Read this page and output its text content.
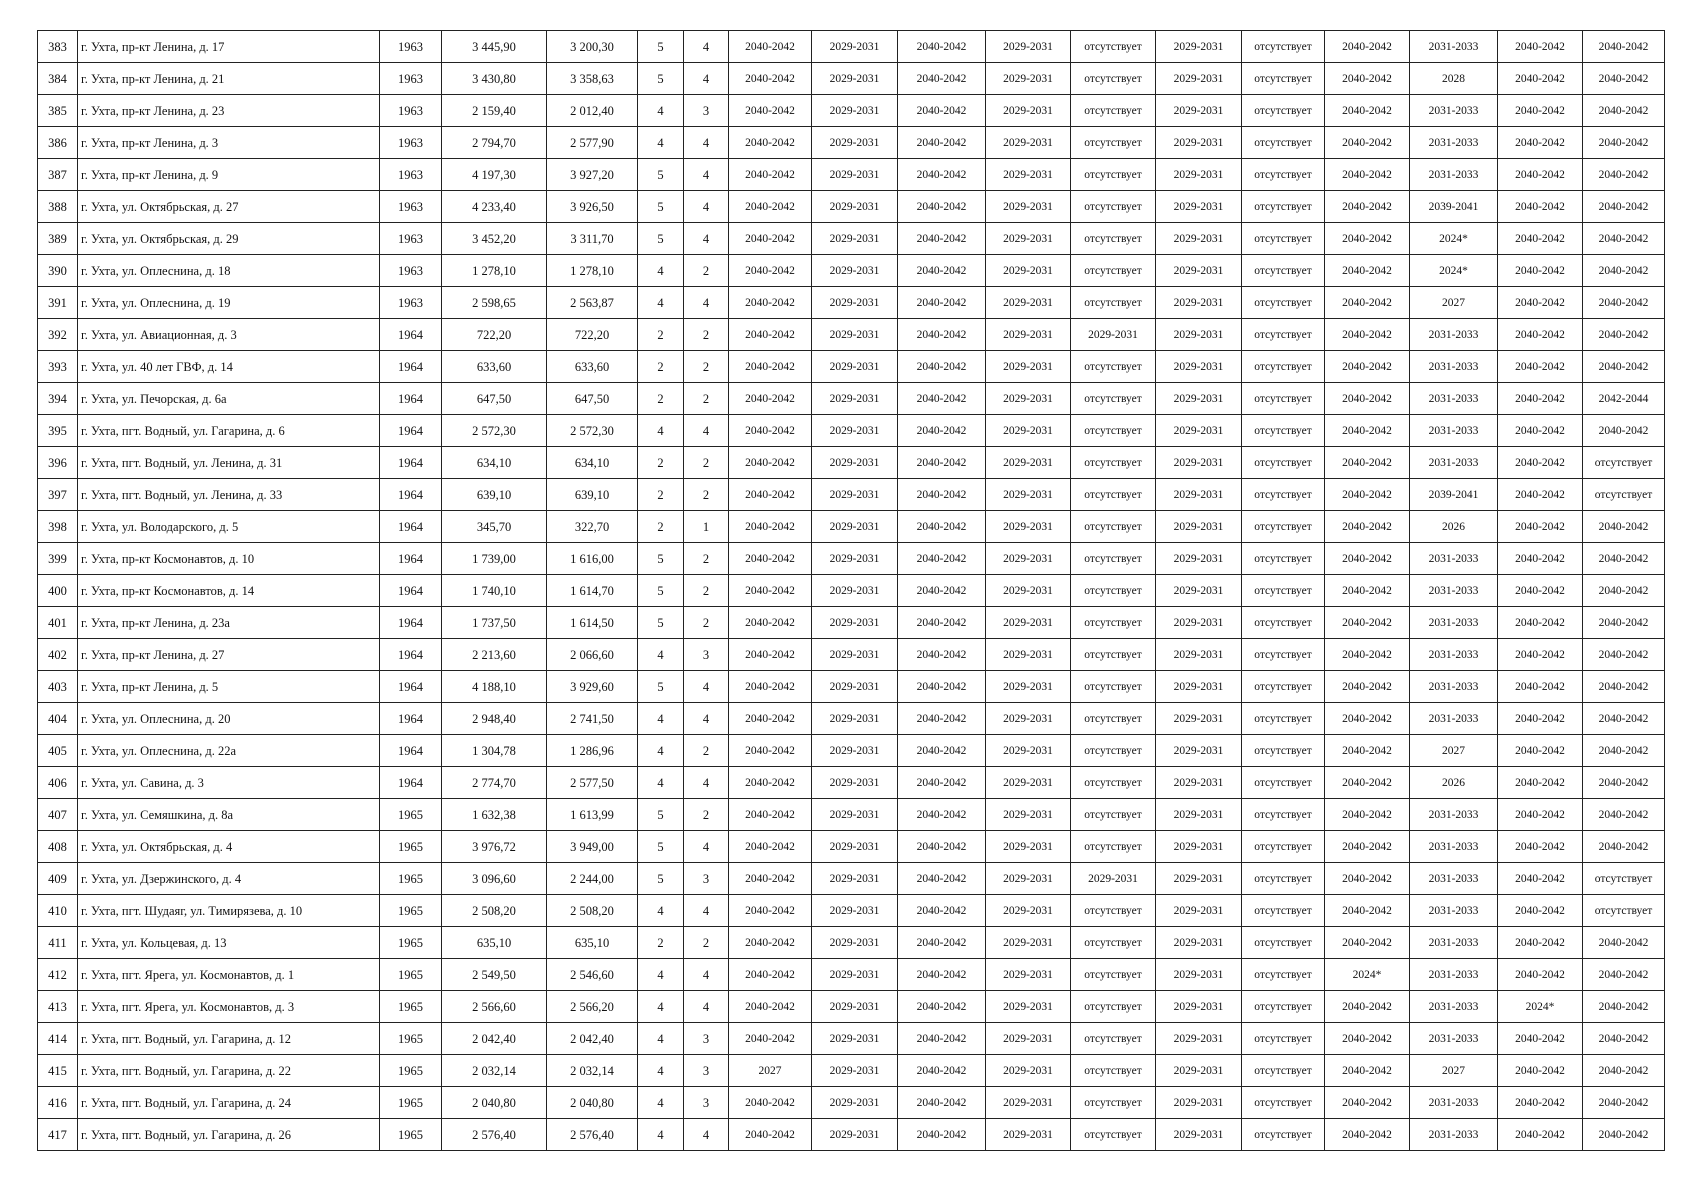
383	г. Ухта, пр-кт Ленина, д. 17	1963	3 445,90	3 200,30	5	4	2040-2042	2029-2031	2040-2042	2029-2031	отсутствует	2029-2031	отсутствует	2040-2042	2031-2033	2040-2042	2040-2042
384	г. Ухта, пр-кт Ленина, д. 21	1963	3 430,80	3 358,63	5	4	2040-2042	2029-2031	2040-2042	2029-2031	отсутствует	2029-2031	отсутствует	2040-2042	2028	2040-2042	2040-2042
385	г. Ухта, пр-кт Ленина, д. 23	1963	2 159,40	2 012,40	4	3	2040-2042	2029-2031	2040-2042	2029-2031	отсутствует	2029-2031	отсутствует	2040-2042	2031-2033	2040-2042	2040-2042
386	г. Ухта, пр-кт Ленина, д. 3	1963	2 794,70	2 577,90	4	4	2040-2042	2029-2031	2040-2042	2029-2031	отсутствует	2029-2031	отсутствует	2040-2042	2031-2033	2040-2042	2040-2042
387	г. Ухта, пр-кт Ленина, д. 9	1963	4 197,30	3 927,20	5	4	2040-2042	2029-2031	2040-2042	2029-2031	отсутствует	2029-2031	отсутствует	2040-2042	2031-2033	2040-2042	2040-2042
388	г. Ухта, ул. Октябрьская, д. 27	1963	4 233,40	3 926,50	5	4	2040-2042	2029-2031	2040-2042	2029-2031	отсутствует	2029-2031	отсутствует	2040-2042	2039-2041	2040-2042	2040-2042
389	г. Ухта, ул. Октябрьская, д. 29	1963	3 452,20	3 311,70	5	4	2040-2042	2029-2031	2040-2042	2029-2031	отсутствует	2029-2031	отсутствует	2040-2042	2024*	2040-2042	2040-2042
390	г. Ухта, ул. Оплеснина, д. 18	1963	1 278,10	1 278,10	4	2	2040-2042	2029-2031	2040-2042	2029-2031	отсутствует	2029-2031	отсутствует	2040-2042	2024*	2040-2042	2040-2042
391	г. Ухта, ул. Оплеснина, д. 19	1963	2 598,65	2 563,87	4	4	2040-2042	2029-2031	2040-2042	2029-2031	отсутствует	2029-2031	отсутствует	2040-2042	2027	2040-2042	2040-2042
392	г. Ухта, ул. Авиационная, д. 3	1964	722,20	722,20	2	2	2040-2042	2029-2031	2040-2042	2029-2031	2029-2031	2029-2031	отсутствует	2040-2042	2031-2033	2040-2042	2040-2042
393	г. Ухта, ул. 40 лет ГВФ, д. 14	1964	633,60	633,60	2	2	2040-2042	2029-2031	2040-2042	2029-2031	отсутствует	2029-2031	отсутствует	2040-2042	2031-2033	2040-2042	2040-2042
394	г. Ухта, ул. Печорская, д. 6а	1964	647,50	647,50	2	2	2040-2042	2029-2031	2040-2042	2029-2031	отсутствует	2029-2031	отсутствует	2040-2042	2031-2033	2040-2042	2042-2044
395	г. Ухта, пгт. Водный, ул. Гагарина, д. 6	1964	2 572,30	2 572,30	4	4	2040-2042	2029-2031	2040-2042	2029-2031	отсутствует	2029-2031	отсутствует	2040-2042	2031-2033	2040-2042	2040-2042
396	г. Ухта, пгт. Водный, ул. Ленина, д. 31	1964	634,10	634,10	2	2	2040-2042	2029-2031	2040-2042	2029-2031	отсутствует	2029-2031	отсутствует	2040-2042	2031-2033	2040-2042	отсутствует
397	г. Ухта, пгт. Водный, ул. Ленина, д. 33	1964	639,10	639,10	2	2	2040-2042	2029-2031	2040-2042	2029-2031	отсутствует	2029-2031	отсутствует	2040-2042	2039-2041	2040-2042	отсутствует
398	г. Ухта, ул. Володарского, д. 5	1964	345,70	322,70	2	1	2040-2042	2029-2031	2040-2042	2029-2031	отсутствует	2029-2031	отсутствует	2040-2042	2026	2040-2042	2040-2042
399	г. Ухта, пр-кт Космонавтов, д. 10	1964	1 739,00	1 616,00	5	2	2040-2042	2029-2031	2040-2042	2029-2031	отсутствует	2029-2031	отсутствует	2040-2042	2031-2033	2040-2042	2040-2042
400	г. Ухта, пр-кт Космонавтов, д. 14	1964	1 740,10	1 614,70	5	2	2040-2042	2029-2031	2040-2042	2029-2031	отсутствует	2029-2031	отсутствует	2040-2042	2031-2033	2040-2042	2040-2042
401	г. Ухта, пр-кт Ленина, д. 23а	1964	1 737,50	1 614,50	5	2	2040-2042	2029-2031	2040-2042	2029-2031	отсутствует	2029-2031	отсутствует	2040-2042	2031-2033	2040-2042	2040-2042
402	г. Ухта, пр-кт Ленина, д. 27	1964	2 213,60	2 066,60	4	3	2040-2042	2029-2031	2040-2042	2029-2031	отсутствует	2029-2031	отсутствует	2040-2042	2031-2033	2040-2042	2040-2042
403	г. Ухта, пр-кт Ленина, д. 5	1964	4 188,10	3 929,60	5	4	2040-2042	2029-2031	2040-2042	2029-2031	отсутствует	2029-2031	отсутствует	2040-2042	2031-2033	2040-2042	2040-2042
404	г. Ухта, ул. Оплеснина, д. 20	1964	2 948,40	2 741,50	4	4	2040-2042	2029-2031	2040-2042	2029-2031	отсутствует	2029-2031	отсутствует	2040-2042	2031-2033	2040-2042	2040-2042
405	г. Ухта, ул. Оплеснина, д. 22а	1964	1 304,78	1 286,96	4	2	2040-2042	2029-2031	2040-2042	2029-2031	отсутствует	2029-2031	отсутствует	2040-2042	2027	2040-2042	2040-2042
406	г. Ухта, ул. Савина, д. 3	1964	2 774,70	2 577,50	4	4	2040-2042	2029-2031	2040-2042	2029-2031	отсутствует	2029-2031	отсутствует	2040-2042	2026	2040-2042	2040-2042
407	г. Ухта, ул. Семяшкина, д. 8а	1965	1 632,38	1 613,99	5	2	2040-2042	2029-2031	2040-2042	2029-2031	отсутствует	2029-2031	отсутствует	2040-2042	2031-2033	2040-2042	2040-2042
408	г. Ухта, ул. Октябрьская, д. 4	1965	3 976,72	3 949,00	5	4	2040-2042	2029-2031	2040-2042	2029-2031	отсутствует	2029-2031	отсутствует	2040-2042	2031-2033	2040-2042	2040-2042
409	г. Ухта, ул. Дзержинского, д. 4	1965	3 096,60	2 244,00	5	3	2040-2042	2029-2031	2040-2042	2029-2031	2029-2031	2029-2031	отсутствует	2040-2042	2031-2033	2040-2042	отсутствует
410	г. Ухта, пгт. Шудаяг, ул. Тимирязева, д. 10	1965	2 508,20	2 508,20	4	4	2040-2042	2029-2031	2040-2042	2029-2031	отсутствует	2029-2031	отсутствует	2040-2042	2031-2033	2040-2042	отсутствует
411	г. Ухта, ул. Кольцевая, д. 13	1965	635,10	635,10	2	2	2040-2042	2029-2031	2040-2042	2029-2031	отсутствует	2029-2031	отсутствует	2040-2042	2031-2033	2040-2042	2040-2042
412	г. Ухта, пгт. Ярега, ул. Космонавтов, д. 1	1965	2 549,50	2 546,60	4	4	2040-2042	2029-2031	2040-2042	2029-2031	отсутствует	2029-2031	отсутствует	2024*	2031-2033	2040-2042	2040-2042
413	г. Ухта, пгт. Ярега, ул. Космонавтов, д. 3	1965	2 566,60	2 566,20	4	4	2040-2042	2029-2031	2040-2042	2029-2031	отсутствует	2029-2031	отсутствует	2040-2042	2031-2033	2024*	2040-2042
414	г. Ухта, пгт. Водный, ул. Гагарина, д. 12	1965	2 042,40	2 042,40	4	3	2040-2042	2029-2031	2040-2042	2029-2031	отсутствует	2029-2031	отсутствует	2040-2042	2031-2033	2040-2042	2040-2042
415	г. Ухта, пгт. Водный, ул. Гагарина, д. 22	1965	2 032,14	2 032,14	4	3	2027	2029-2031	2040-2042	2029-2031	отсутствует	2029-2031	отсутствует	2040-2042	2027	2040-2042	2040-2042
416	г. Ухта, пгт. Водный, ул. Гагарина, д. 24	1965	2 040,80	2 040,80	4	3	2040-2042	2029-2031	2040-2042	2029-2031	отсутствует	2029-2031	отсутствует	2040-2042	2031-2033	2040-2042	2040-2042
417	г. Ухта, пгт. Водный, ул. Гагарина, д. 26	1965	2 576,40	2 576,40	4	4	2040-2042	2029-2031	2040-2042	2029-2031	отсутствует	2029-2031	отсутствует	2040-2042	2031-2033	2040-2042	2040-2042
